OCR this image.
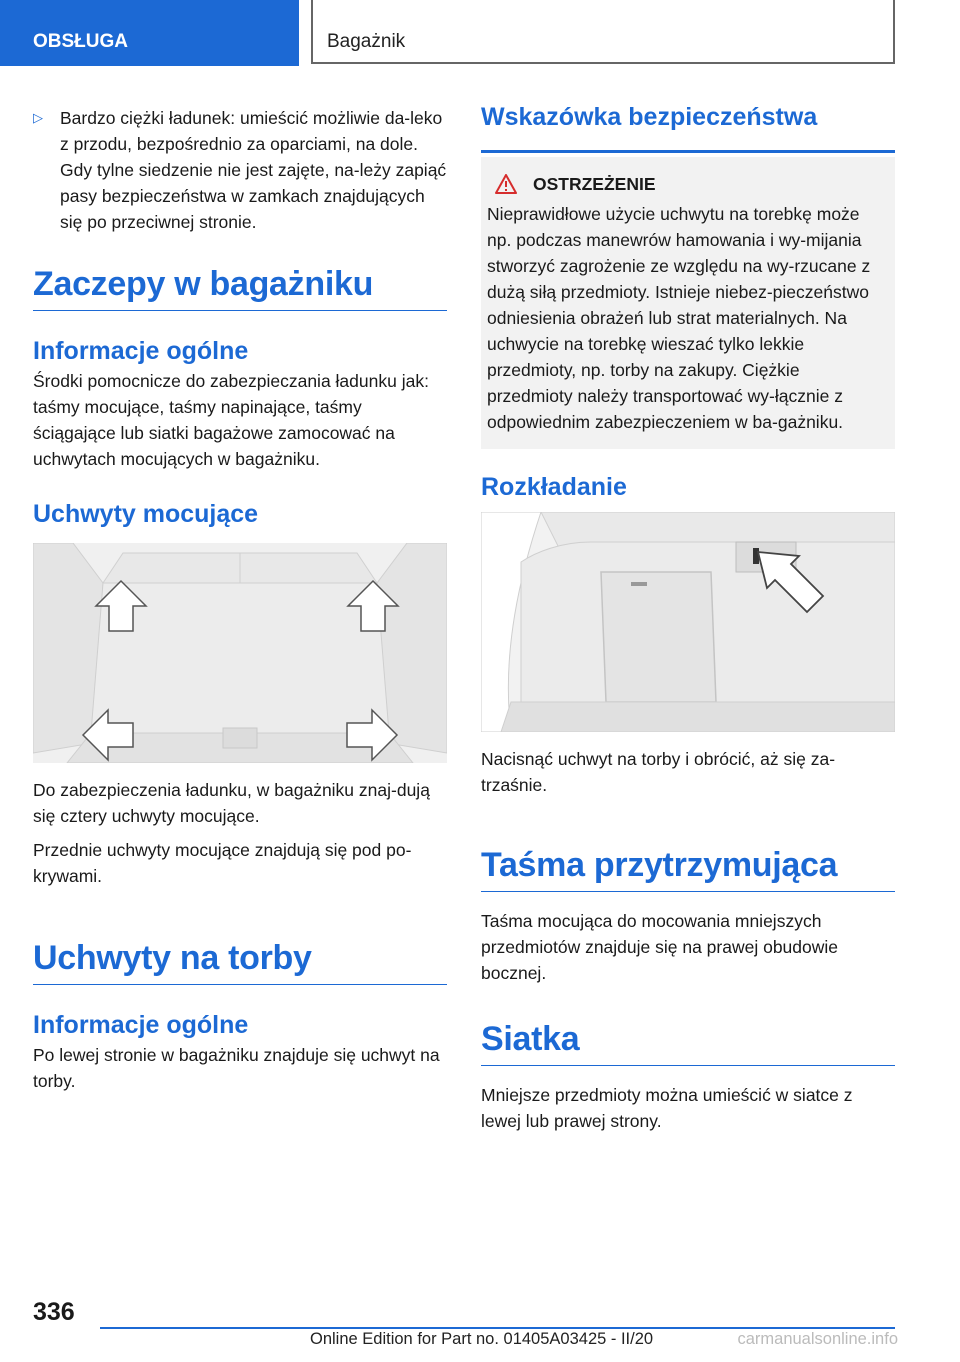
OBSŁUGA	Bagażnik

▷ Bardzo ciężki ładunek: umieścić możliwie da-leko z przodu, bezpośrednio za oparciami, na dole. Gdy tylne siedzenie nie jest zajęte, na-leży zapiąć pasy bezpieczeństwa w zamkach znajdujących się po przeciwnej stronie.

Zaczepy w bagażniku
Informacje ogólne

Środki pomocnicze do zabezpieczania ładunku jak: taśmy mocujące, taśmy napinające, taśmy ściągające lub siatki bagażowe zamocować na uchwytach mocujących w bagażniku.

Uchwyty mocujące

Do zabezpieczenia ładunku, w bagażniku znaj-dują się cztery uchwyty mocujące.

Przednie uchwyty mocujące znajdują się pod po-krywami.

Uchwyty na torby
Informacje ogólne

Po lewej stronie w bagażniku znajduje się uchwyt na torby.

Wskazówka bezpieczeństwa
OSTRZEŻENIE

Nieprawidłowe użycie uchwytu na torebkę może np. podczas manewrów hamowania i wy-mijania stworzyć zagrożenie ze względu na wy-rzucane z dużą siłą przedmioty. Istnieje niebez-pieczeństwo odniesienia obrażeń lub strat materialnych. Na uchwycie na torebkę wieszać tylko lekkie przedmioty, np. torby na zakupy. Ciężkie przedmioty należy transportować wy-łącznie z odpowiednim zabezpieczeniem w ba-gażniku.

Rozkładanie

Nacisnąć uchwyt na torby i obrócić, aż się za-trzaśnie.

Taśma przytrzymująca

Taśma mocująca do mocowania mniejszych przedmiotów znajduje się na prawej obudowie bocznej.

Siatka

Mniejsze przedmioty można umieścić w siatce z lewej lub prawej strony.

336
Online Edition for Part no. 01405A03425 - II/20	carmanualsonline.info
